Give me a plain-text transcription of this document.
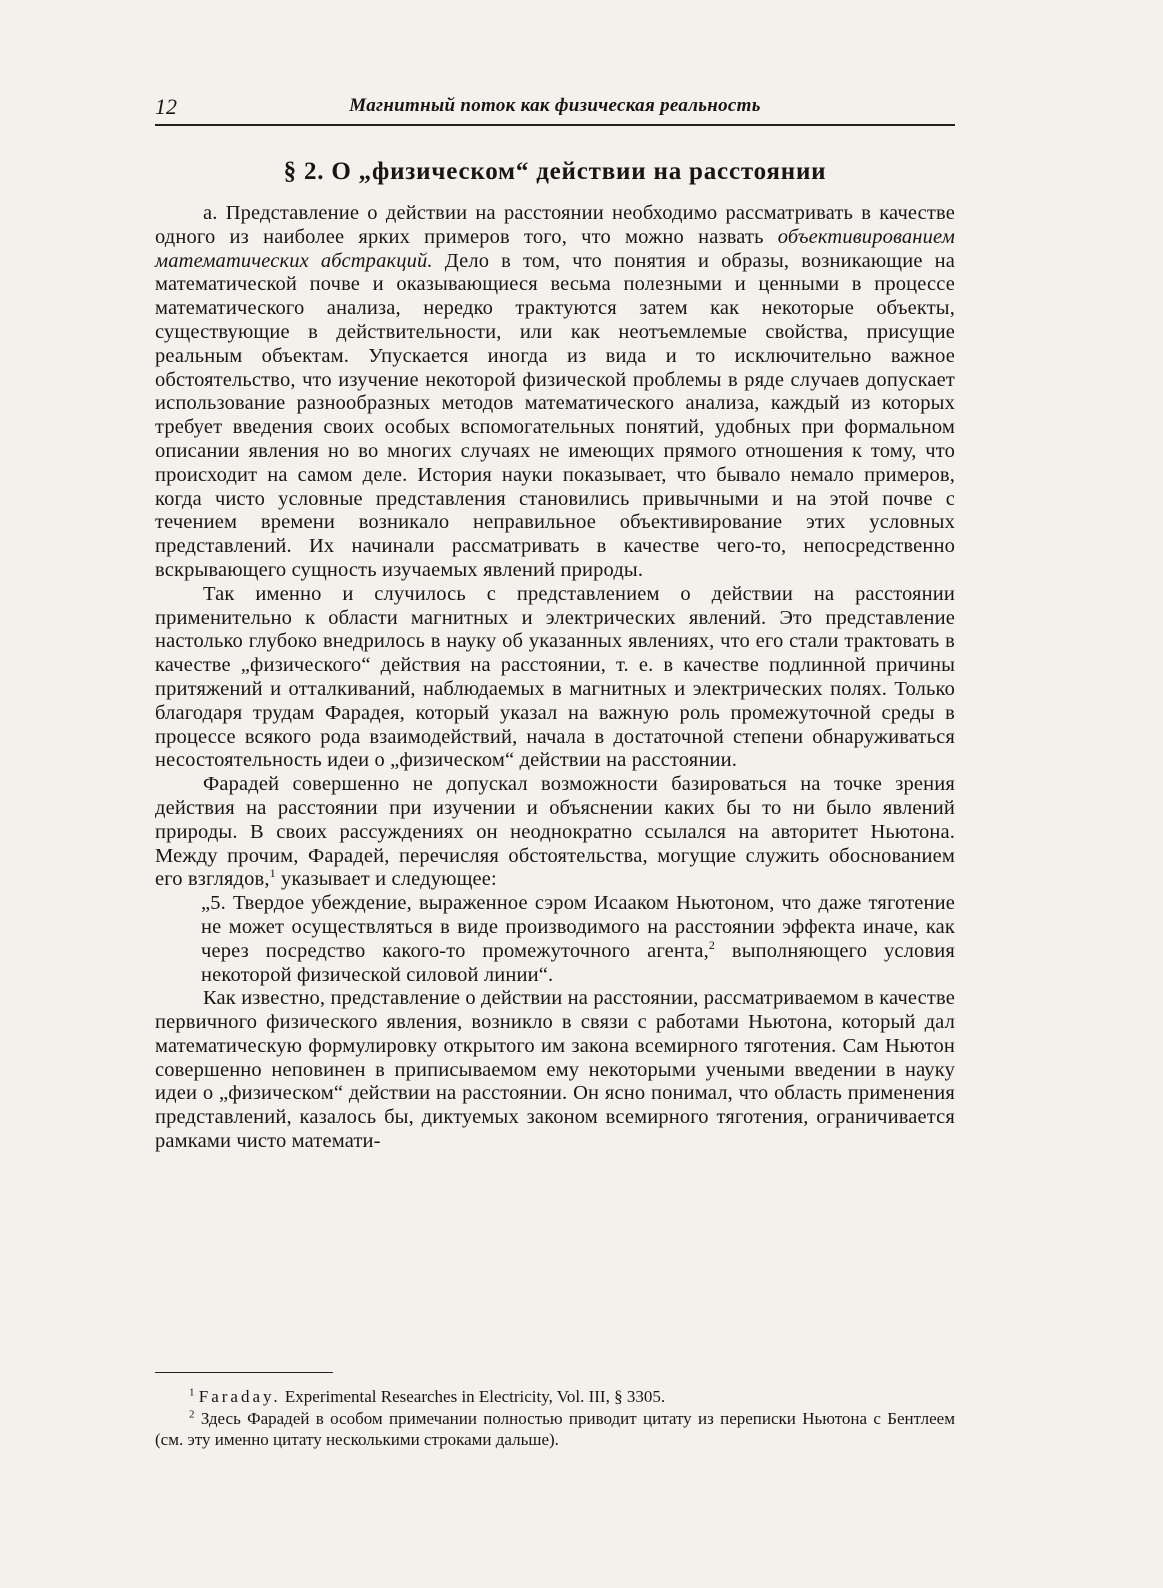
12	Магнитный поток как физическая реальность
§ 2. О „физическом“ действии на расстоянии

а. Представление о действии на расстоянии необходимо рассматривать в качестве одного из наиболее ярких примеров того, что можно назвать объективированием математических абстракций. Дело в том, что понятия и образы, возникающие на математической почве и оказывающиеся весьма полезными и ценными в процессе математического анализа, нередко трактуются затем как некоторые объекты, существующие в действительности, или как неотъемлемые свойства, присущие реальным объектам. Упускается иногда из вида и то исключительно важное обстоятельство, что изучение некоторой физической проблемы в ряде случаев допускает использование разнообразных методов математического анализа, каждый из которых требует введения своих особых вспомогательных понятий, удобных при формальном описании явления но во многих случаях не имеющих прямого отношения к тому, что происходит на самом деле. История науки показывает, что бывало немало примеров, когда чисто условные представления становились привычными и на этой почве с течением времени возникало неправильное объективирование этих условных представлений. Их начинали рассматривать в качестве чего-то, непосредственно вскрывающего сущность изучаемых явлений природы.

Так именно и случилось с представлением о действии на расстоянии применительно к области магнитных и электрических явлений. Это представление настолько глубоко внедрилось в науку об указанных явлениях, что его стали трактовать в качестве „физического“ действия на расстоянии, т. е. в качестве подлинной причины притяжений и отталкиваний, наблюдаемых в магнитных и электрических полях. Только благодаря трудам Фарадея, который указал на важную роль промежуточной среды в процессе всякого рода взаимодействий, начала в достаточной степени обнаруживаться несостоятельность идеи о „физическом“ действии на расстоянии.

Фарадей совершенно не допускал возможности базироваться на точке зрения действия на расстоянии при изучении и объяснении каких бы то ни было явлений природы. В своих рассуждениях он неоднократно ссылался на авторитет Ньютона. Между прочим, Фарадей, перечисляя обстоятельства, могущие служить обоснованием его взглядов,$^1$ указывает и следующее:

„5. Твердое убеждение, выраженное сэром Исааком Ньютоном, что даже тяготение не может осуществляться в виде производимого на расстоянии эффекта иначе, как через посредство какого-то промежуточного агента,$^2$ выполняющего условия некоторой физической силовой линии“.

Как известно, представление о действии на расстоянии, рассматриваемом в качестве первичного физического явления, возникло в связи с работами Ньютона, который дал математическую формулировку открытого им закона всемирного тяготения. Сам Ньютон совершенно неповинен в приписываемом ему некоторыми учеными введении в науку идеи о „физическом“ действии на расстоянии. Он ясно понимал, что область применения представлений, казалось бы, диктуемых законом всемирного тяготения, ограничивается рамками чисто математи-

$^1$ Faraday. Experimental Researches in Electricity, Vol. III, § 3305.

$^2$ Здесь Фарадей в особом примечании полностью приводит цитату из переписки Ньютона с Бентлеем (см. эту именно цитату несколькими строками дальше).
